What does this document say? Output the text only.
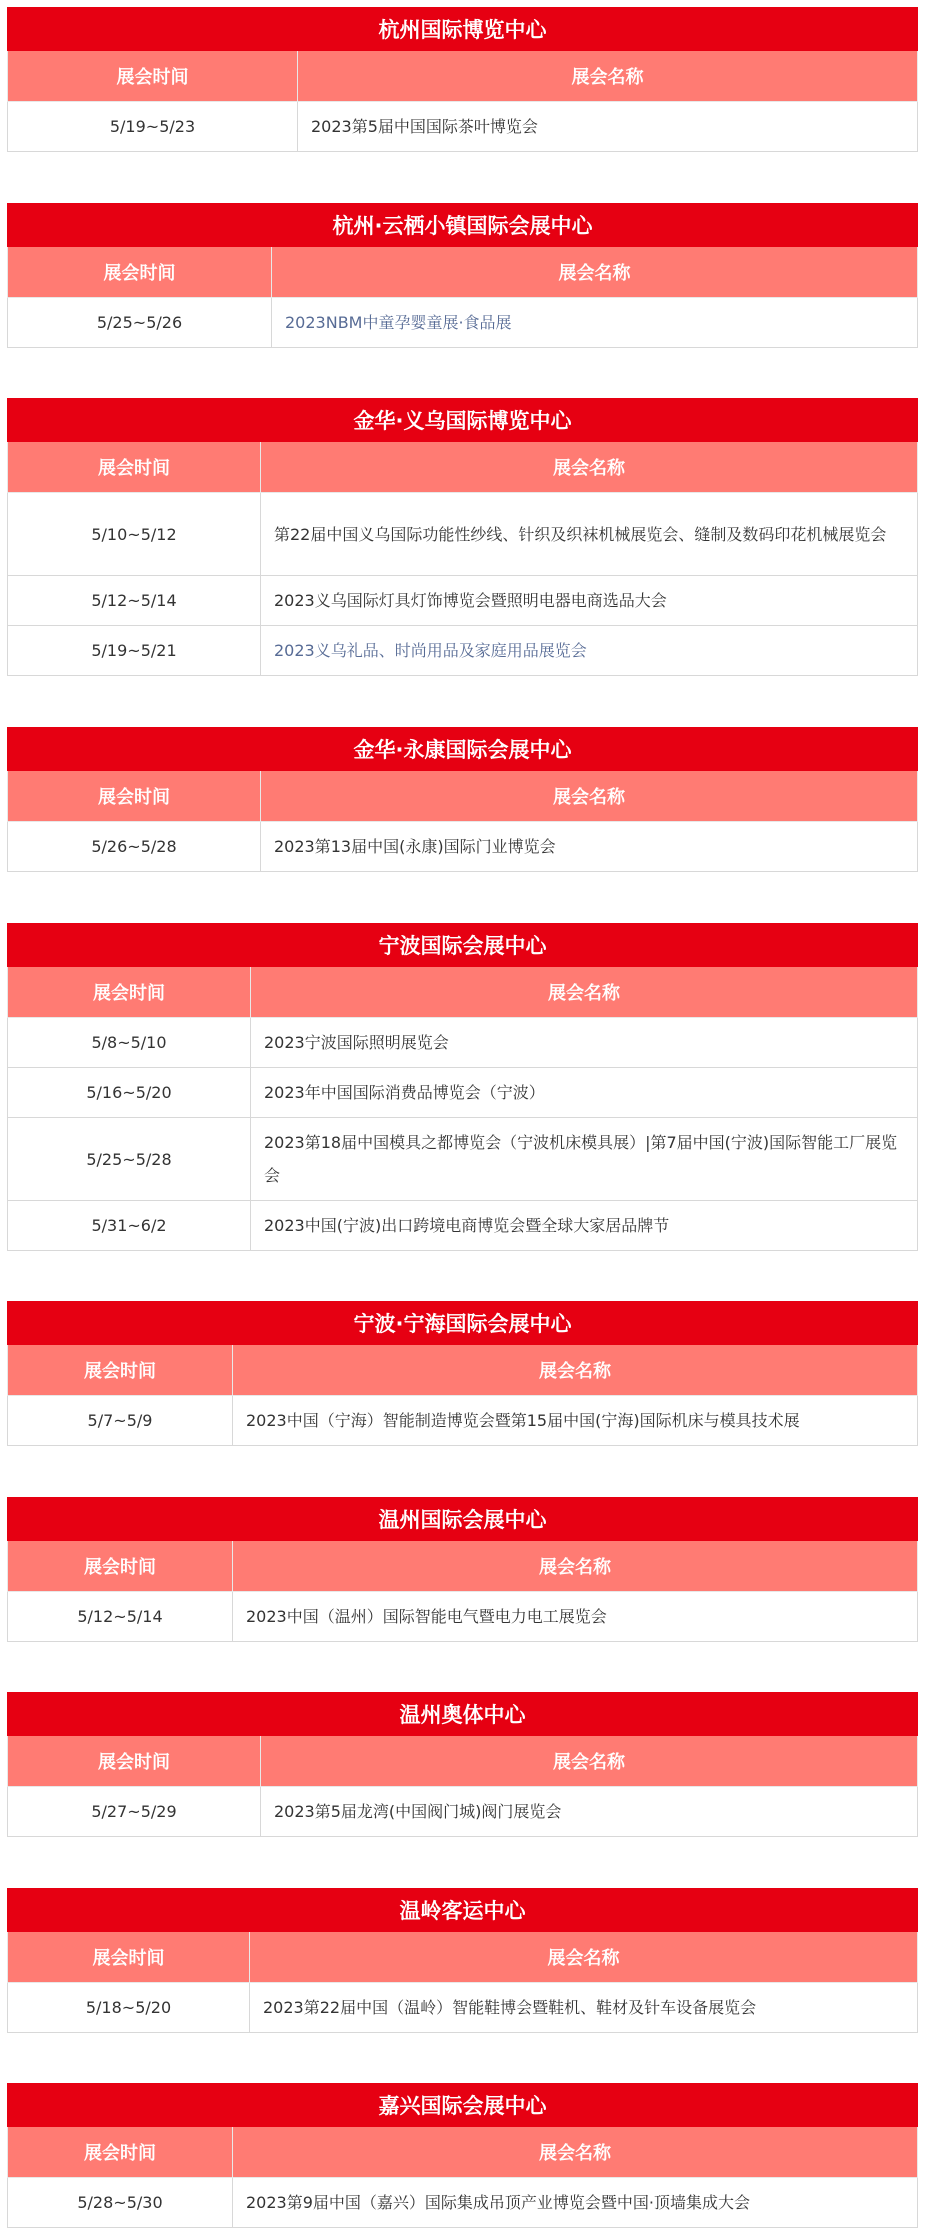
杭州国际博览中心
展会时间	展会名称
5/19~5/23	2023第5届中国国际茶叶博览会
杭州·云栖小镇国际会展中心
展会时间	展会名称
5/25~5/26	2023NBM中童孕婴童展·食品展
金华·义乌国际博览中心
展会时间	展会名称
5/10~5/12	第22届中国义乌国际功能性纱线、针织及织袜机械展览会、缝制及数码印花机械展览会
5/12~5/14	2023义乌国际灯具灯饰博览会暨照明电器电商选品大会
5/19~5/21	2023义乌礼品、时尚用品及家庭用品展览会
金华·永康国际会展中心
展会时间	展会名称
5/26~5/28	2023第13届中国(永康)国际门业博览会
宁波国际会展中心
展会时间	展会名称
5/8~5/10	2023宁波国际照明展览会
5/16~5/20	2023年中国国际消费品博览会（宁波）
5/25~5/28	2023第18届中国模具之都博览会（宁波机床模具展）|第7届中国(宁波)国际智能工厂展览会
5/31~6/2	2023中国(宁波)出口跨境电商博览会暨全球大家居品牌节
宁波·宁海国际会展中心
展会时间	展会名称
5/7~5/9	2023中国（宁海）智能制造博览会暨第15届中国(宁海)国际机床与模具技术展
温州国际会展中心
展会时间	展会名称
5/12~5/14	2023中国（温州）国际智能电气暨电力电工展览会
温州奥体中心
展会时间	展会名称
5/27~5/29	2023第5届龙湾(中国阀门城)阀门展览会
温岭客运中心
展会时间	展会名称
5/18~5/20	2023第22届中国（温岭）智能鞋博会暨鞋机、鞋材及针车设备展览会
嘉兴国际会展中心
展会时间	展会名称
5/28~5/30	2023第9届中国（嘉兴）国际集成吊顶产业博览会暨中国·顶墙集成大会
